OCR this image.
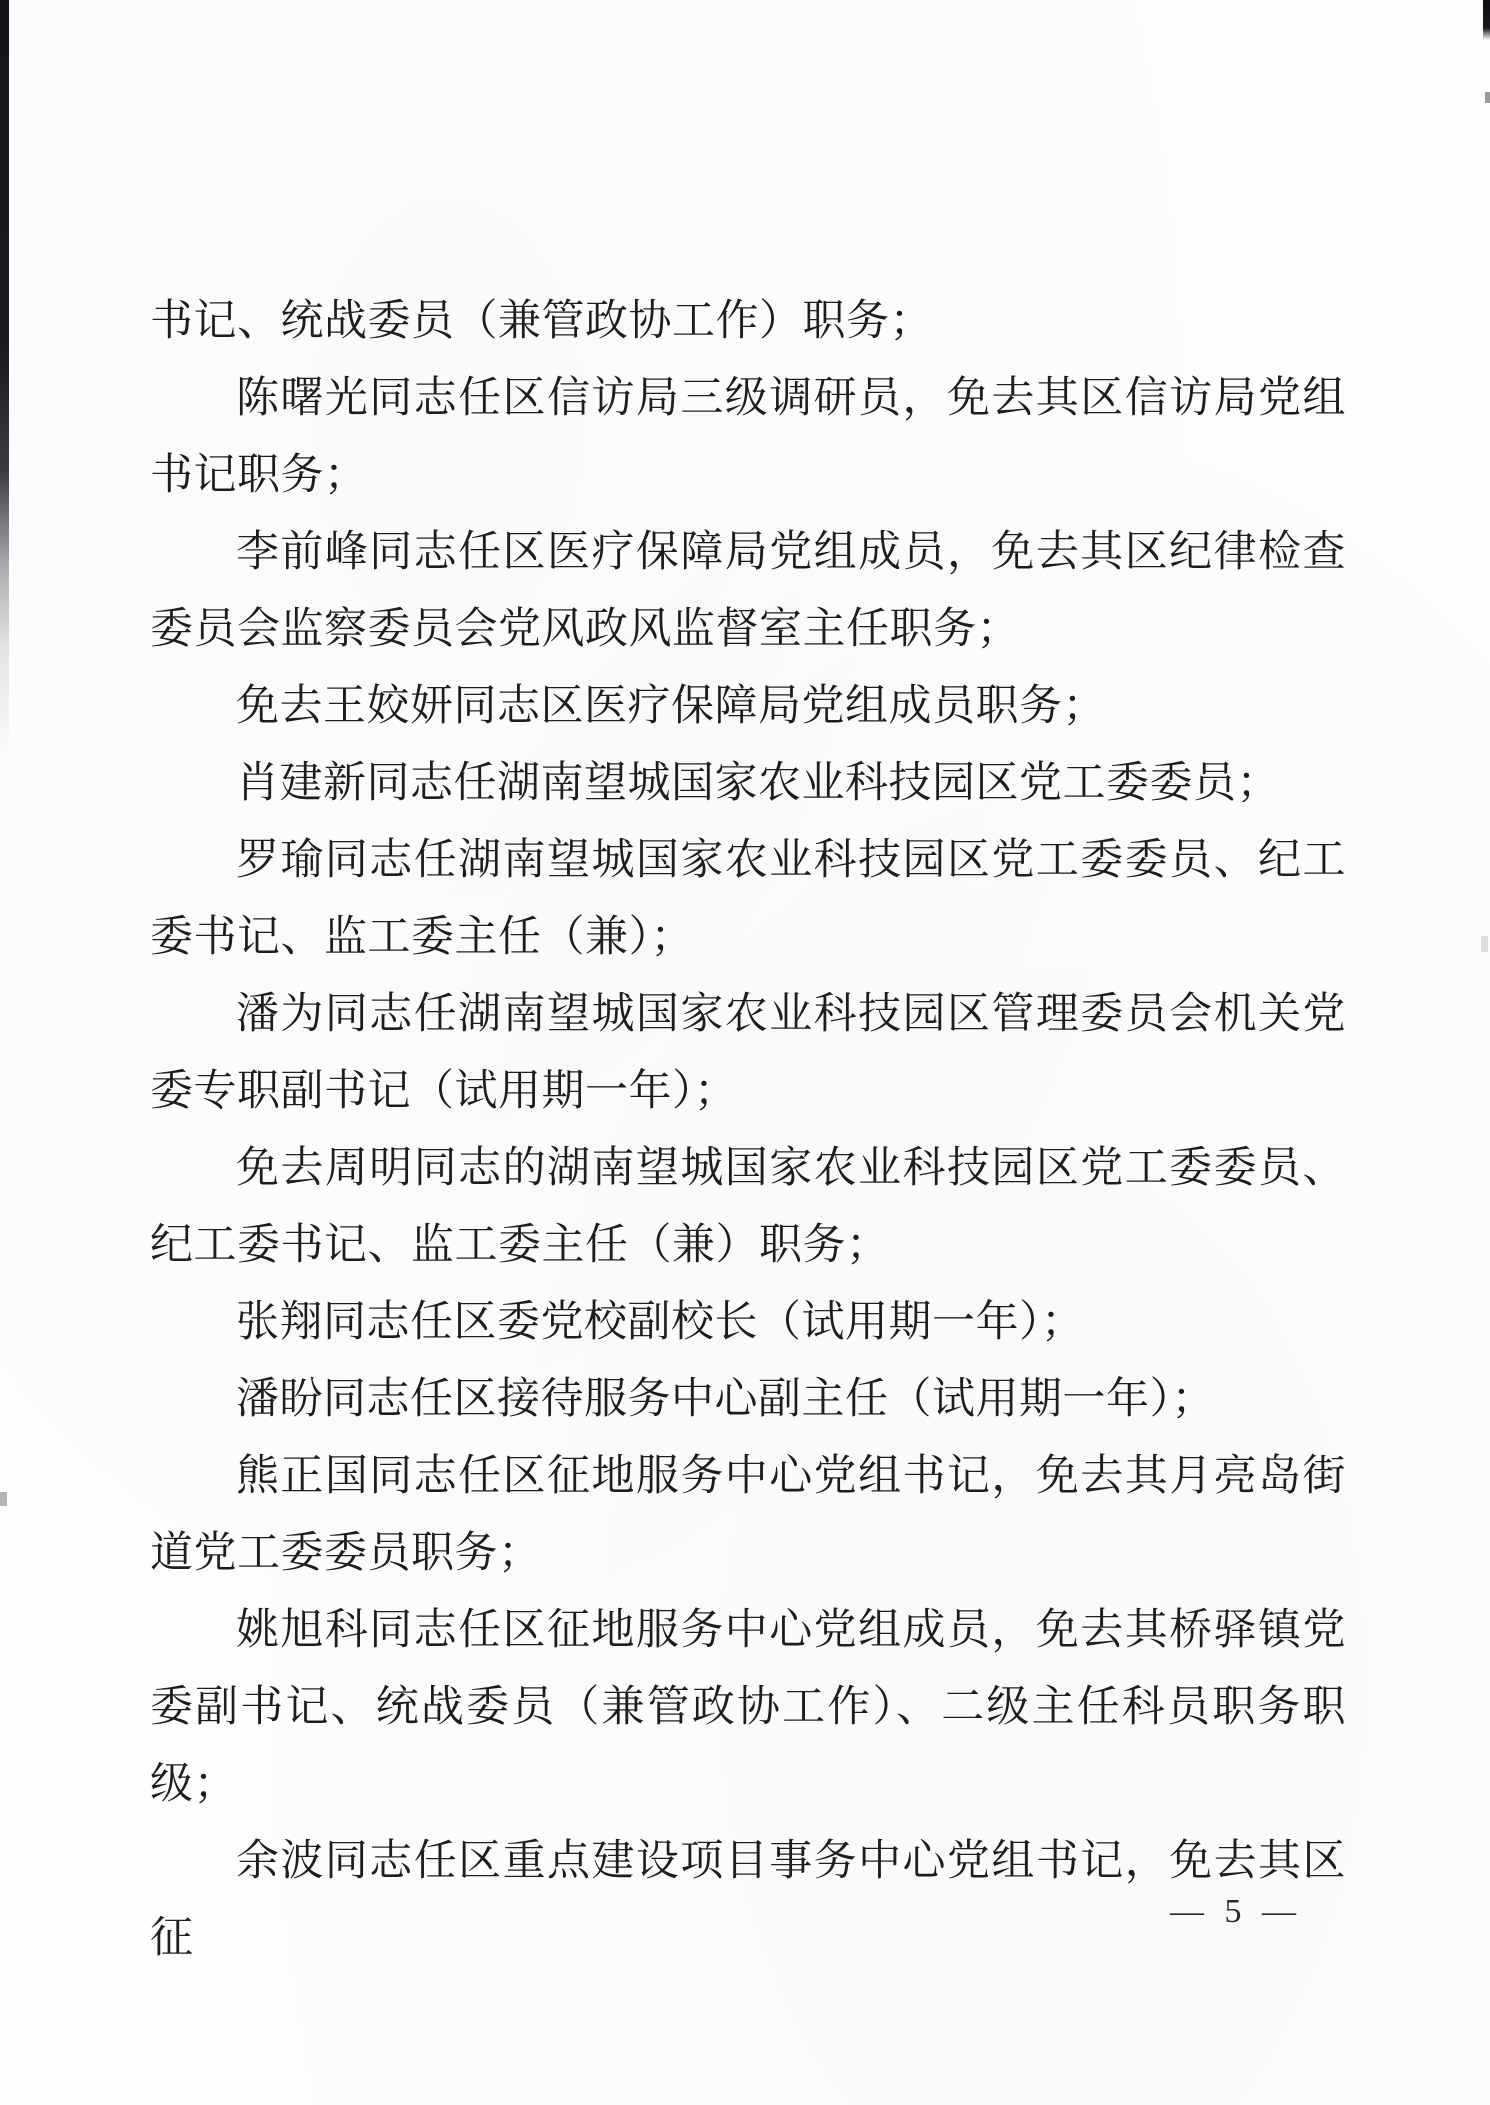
书记、统战委员（兼管政协工作）职务；

陈曙光同志任区信访局三级调研员，免去其区信访局党组书记职务；

李前峰同志任区医疗保障局党组成员，免去其区纪律检查委员会监察委员会党风政风监督室主任职务；

免去王姣妍同志区医疗保障局党组成员职务；

肖建新同志任湖南望城国家农业科技园区党工委委员；

罗瑜同志任湖南望城国家农业科技园区党工委委员、纪工委书记、监工委主任（兼）；

潘为同志任湖南望城国家农业科技园区管理委员会机关党委专职副书记（试用期一年）；

免去周明同志的湖南望城国家农业科技园区党工委委员、纪工委书记、监工委主任（兼）职务；

张翔同志任区委党校副校长（试用期一年）；

潘盼同志任区接待服务中心副主任（试用期一年）；

熊正国同志任区征地服务中心党组书记，免去其月亮岛街道党工委委员职务；

姚旭科同志任区征地服务中心党组成员，免去其桥驿镇党委副书记、统战委员（兼管政协工作）、二级主任科员职务职级；

余波同志任区重点建设项目事务中心党组书记，免去其区征

— 5 —
